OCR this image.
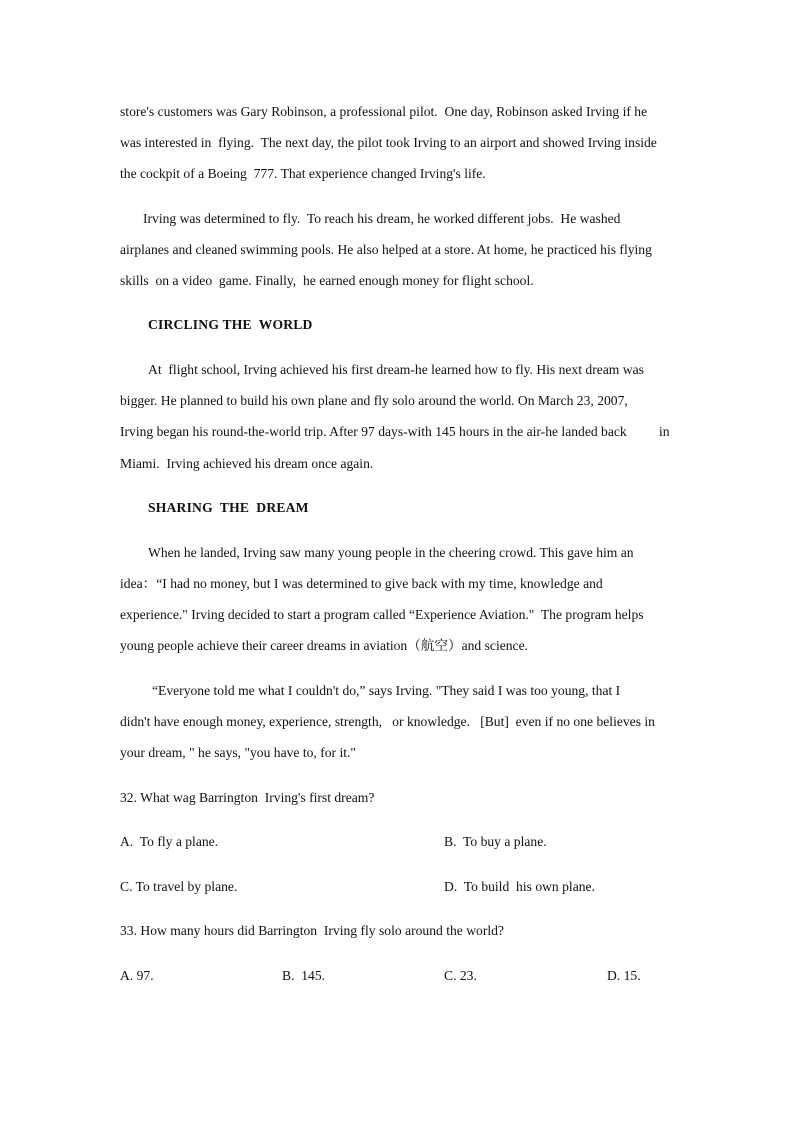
store's customers was Gary Robinson, a professional pilot.  One day, Robinson asked Irving if he
was interested in  flying.  The next day, the pilot took Irving to an airport and showed Irving inside
the cockpit of a Boeing  777. That experience changed Irving's life.
Irving was determined to fly.  To reach his dream, he worked different jobs.  He washed
airplanes and cleaned swimming pools. He also helped at a store. At home, he practiced his flying
skills  on a video  game. Finally,  he earned enough money for flight school.
CIRCLING THE  WORLD
At  flight school, Irving achieved his first dream-he learned how to fly. His next dream was
bigger. He planned to build his own plane and fly solo around the world. On March 23, 2007,
Irving began his round-the-world trip. After 97 days-with 145 hours in the air-he landed back in
Miami.  Irving achieved his dream once again.
SHARING  THE  DREAM
When he landed, Irving saw many young people in the cheering crowd. This gave him an
idea：“I had no money, but I was determined to give back with my time, knowledge and
experience." Irving decided to start a program called “Experience Aviation."  The program helps
young people achieve their career dreams in aviation（航空）and science.
“Everyone told me what I couldn't do,” says Irving. "They said I was too young, that I
didn't have enough money, experience, strength,   or knowledge.   [But]  even if no one believes in
your dream, " he says, "you have to, for it."
32. What wag Barrington  Irving's first dream?
A.  To fly a plane.	B.  To buy a plane.
C. To travel by plane.	D.  To build  his own plane.
33. How many hours did Barrington  Irving fly solo around the world?
A. 97.	B.  145.	C. 23.	D. 15.
